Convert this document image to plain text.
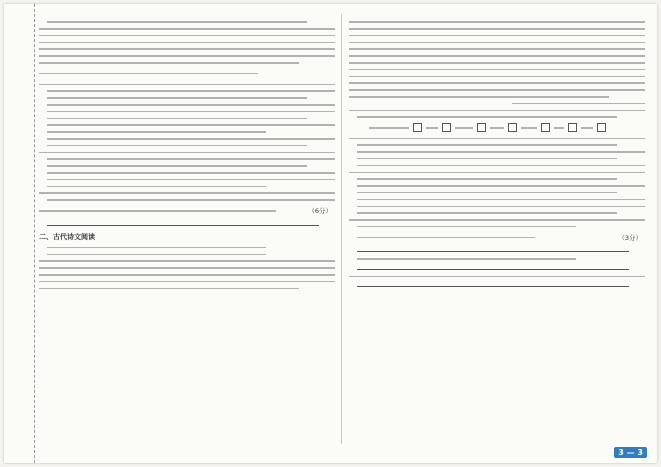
（6分）
二、古代诗文阅读	（3分）
3 — 3
